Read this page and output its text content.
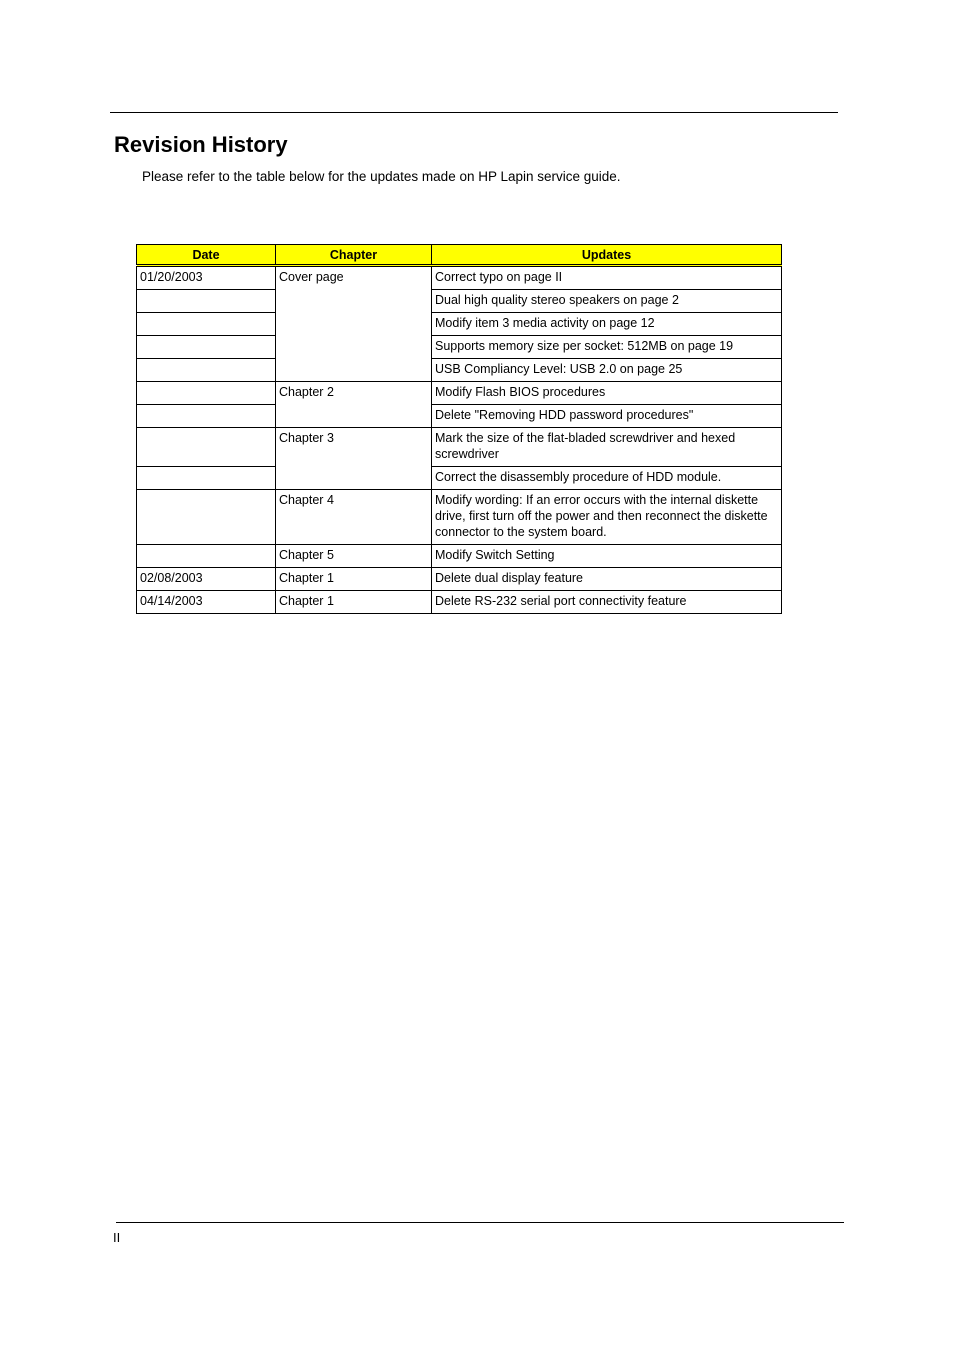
Revision History

Please refer to the table below for the updates made on HP Lapin service guide.

Date	Chapter	Updates
01/20/2003	Cover page	Correct typo on page II
		Dual high quality stereo speakers on page 2
		Modify item 3 media activity on page 12
		Supports memory size per socket: 512MB on page 19
		USB Compliancy Level: USB 2.0 on page 25
	Chapter 2	Modify Flash BIOS procedures
		Delete "Removing HDD password procedures"
	Chapter 3	Mark the size of the flat-bladed screwdriver and hexed screwdriver
		Correct the disassembly procedure of HDD module.
	Chapter 4	Modify wording: If an error occurs with the internal diskette drive, first turn off the power and then reconnect the diskette connector to the system board.
	Chapter 5	Modify Switch Setting
02/08/2003	Chapter 1	Delete dual display feature
04/14/2003	Chapter 1	Delete RS-232 serial port connectivity feature
II
